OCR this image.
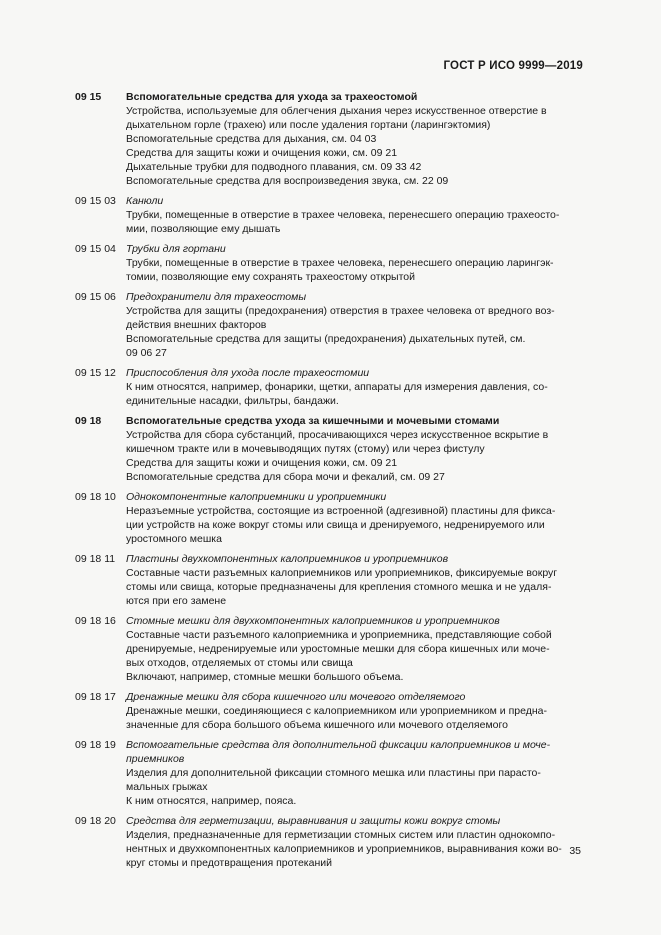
ГОСТ Р ИСО 9999—2019
09 15	Вспомогательные средства для ухода за трахеостомой
Устройства, используемые для облегчения дыхания через искусственное отверстие в
дыхательном горле (трахею) или после удаления гортани (ларингэктомия)
Вспомогательные средства для дыхания, см. 04 03
Средства для защиты кожи и очищения кожи, см. 09 21
Дыхательные трубки для подводного плавания, см. 09 33 42
Вспомогательные средства для воспроизведения звука, см. 22 09
09 15 03 Канюли
Трубки, помещенные в отверстие в трахее человека, перенесшего операцию трахеосто-
мии, позволяющие ему дышать
09 15 04 Трубки для гортани
Трубки, помещенные в отверстие в трахее человека, перенесшего операцию ларингэк-
томии, позволяющие ему сохранять трахеостому открытой
09 15 06 Предохранители для трахеостомы
Устройства для защиты (предохранения) отверстия в трахее человека от вредного воз-
действия внешних факторов
Вспомогательные средства для защиты (предохранения) дыхательных путей, см.
09 06 27
09 15 12 Приспособления для ухода после трахеостомии
К ним относятся, например, фонарики, щетки, аппараты для измерения давления, со-
единительные насадки, фильтры, бандажи.
09 18	Вспомогательные средства ухода за кишечными и мочевыми стомами
Устройства для сбора субстанций, просачивающихся через искусственное вскрытие в
кишечном тракте или в мочевыводящих путях (стому) или через фистулу
Средства для защиты кожи и очищения кожи, см. 09 21
Вспомогательные средства для сбора мочи и фекалий, см. 09 27
09 18 10 Однокомпонентные калоприемники и уроприемники
Неразъемные устройства, состоящие из встроенной (адгезивной) пластины для фикса-
ции устройств на коже вокруг стомы или свища и дренируемого, недренируемого или
уростомного мешка
09 18 11	Пластины двухкомпонентных калоприемников и уроприемников
Составные части разъемных калоприемников или уроприемников, фиксируемые вокруг
стомы или свища, которые предназначены для крепления стомного мешка и не удаля-
ются при его замене
09 18 16 Стомные мешки для двухкомпонентных калоприемников и уроприемников
Составные части разъемного калоприемника и уроприемника, представляющие собой
дренируемые, недренируемые или уростомные мешки для сбора кишечных или моче-
вых отходов, отделяемых от стомы или свища
Включают, например, стомные мешки большого объема.
09 18 17 Дренажные мешки для сбора кишечного или мочевого отделяемого
Дренажные мешки, соединяющиеся с калоприемником или уроприемником и предна-
значенные для сбора большого объема кишечного или мочевого отделяемого
09 18 19 Вспомогательные средства для дополнительной фиксации калоприемников и моче-
приемников
Изделия для дополнительной фиксации стомного мешка или пластины при парасто-
мальных грыжах
К ним относятся, например, пояса.
09 18 20 Средства для герметизации, выравнивания и защиты кожи вокруг стомы
Изделия, предназначенные для герметизации стомных систем или пластин однокомпо-
нентных и двухкомпонентных калоприемников и уроприемников, выравнивания кожи во-
круг стомы и предотвращения протеканий
35
